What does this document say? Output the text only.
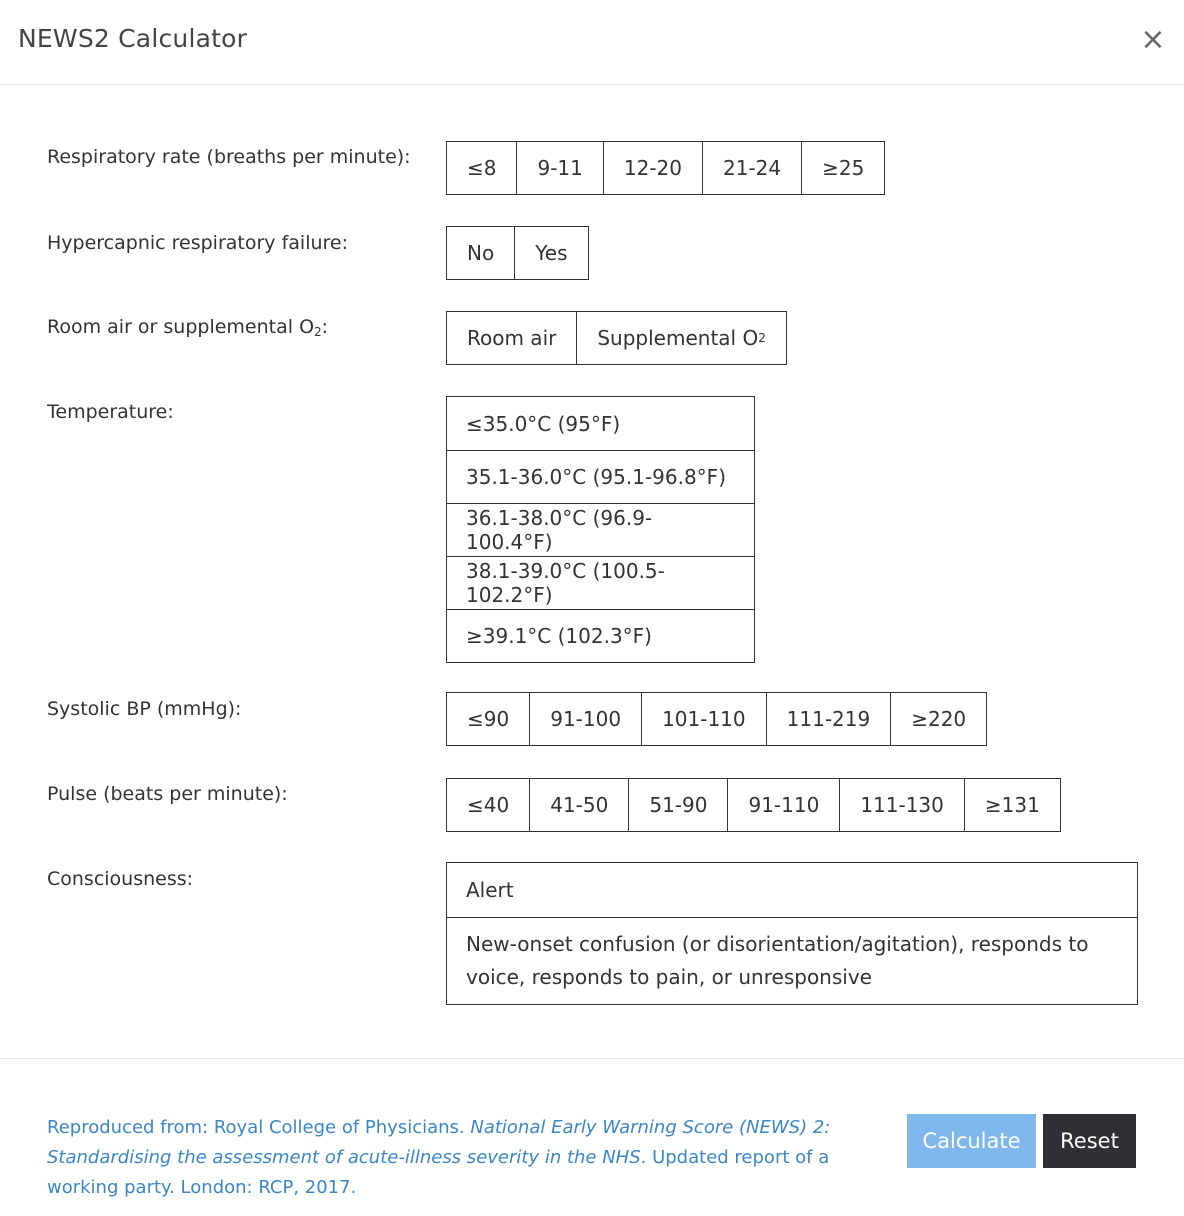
NEWS2 Calculator	×
Respiratory rate (breaths per minute):	≤8	9-11	12-20	21-24	≥25
Hypercapnic respiratory failure:	No	Yes
Room air or supplemental $O_2$:	Room air	Supplemental O 2
Temperature:	≤35.0°C (95°F)
35.1-36.0°C (95.1-96.8°F)
36.1-38.0°C (96.9-100.4°F)
38.1-39.0°C (100.5-102.2°F)
≥39.1°C (102.3°F)
Systolic BP (mmHg):	≤90	91-100	101-110	111-219	≥220
Pulse (beats per minute):	≤40	41-50	51-90	91-110	111-130	≥131
Consciousness:	Alert
New-onset confusion (or disorientation/agitation), responds to voice, responds to pain, or unresponsive
Reproduced from: Royal College of Physicians. National Early Warning Score (NEWS) 2: Standardising the assessment of acute-illness severity in the NHS. Updated report of a working party. London: RCP, 2017.
Calculate	Reset
